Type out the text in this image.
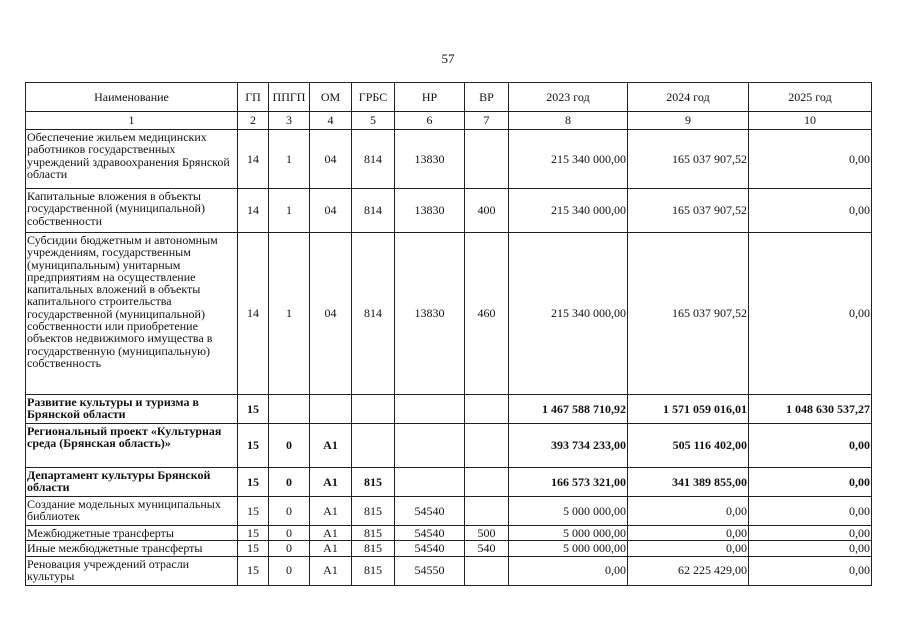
57
Наименование	ГП	ППГП	ОМ	ГРБС	НР	ВР	2023 год	2024 год	2025 год
1	2	3	4	5	6	7	8	9	10
Обеспечение жильем медицинских работников государственных учреждений здравоохранения Брянской области	14	1	04	814	13830		215 340 000,00	165 037 907,52	0,00
Капитальные вложения в объекты государственной (муниципальной) собственности	14	1	04	814	13830	400	215 340 000,00	165 037 907,52	0,00
Субсидии бюджетным и автономным учреждениям, государственным (муниципальным) унитарным предприятиям на осуществление капитальных вложений в объекты капитального строительства государственной (муниципальной) собственности или приобретение объектов недвижимого имущества в государственную (муниципальную) собственность	14	1	04	814	13830	460	215 340 000,00	165 037 907,52	0,00
Развитие культуры и туризма в Брянской области	15						1 467 588 710,92	1 571 059 016,01	1 048 630 537,27
Региональный проект «Культурная среда (Брянская область)»	15	0	А1				393 734 233,00	505 116 402,00	0,00
Департамент культуры Брянской области	15	0	А1	815			166 573 321,00	341 389 855,00	0,00
Создание модельных муниципальных библиотек	15	0	А1	815	54540		5 000 000,00	0,00	0,00
Межбюджетные трансферты	15	0	А1	815	54540	500	5 000 000,00	0,00	0,00
Иные межбюджетные трансферты	15	0	А1	815	54540	540	5 000 000,00	0,00	0,00
Реновация учреждений отрасли культуры	15	0	А1	815	54550		0,00	62 225 429,00	0,00
